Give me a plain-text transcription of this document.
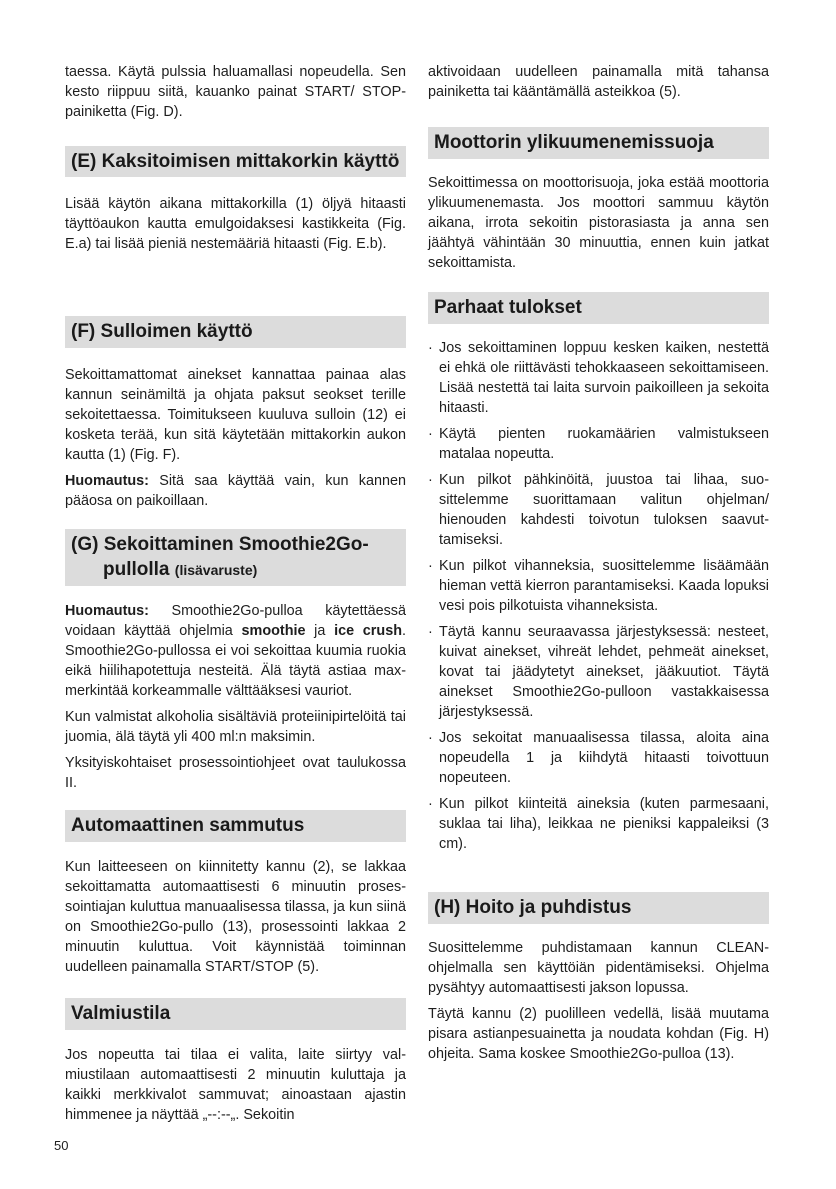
taessa. Käytä pulssia haluamallasi nopeudella. Sen kesto riippuu siitä, kauanko painat START/ STOP-painiketta (Fig. D).

(E) Kaksitoimisen mittakorkin käyttö

Lisää käytön aikana mittakorkilla (1) öljyä hitaasti täyttöaukon kautta emulgoidaksesi kastikkeita (Fig. E.a) tai lisää pieniä nestemääriä hitaasti (Fig. E.b).

(F) Sulloimen käyttö

Sekoittamattomat ainekset kannattaa painaa alas kannun seinämiltä ja ohjata paksut seokset terille sekoitettaessa. Toimitukseen kuuluva sulloin (12) ei kosketa terää, kun sitä käytetään mittakorkin aukon kautta (1) (Fig. F).

Huomautus: Sitä saa käyttää vain, kun kannen pääosa on paikoillaan.

(G) Sekoittaminen Smoothie2Go-pullolla (lisävaruste)

Huomautus: Smoothie2Go-pulloa käytettäessä voidaan käyttää ohjelmia smoothie ja ice crush. Smoothie2Go-pullossa ei voi sekoittaa kuumia ruokia eikä hiilihapotettuja nesteitä. Älä täytä astiaa max-merkintää korkeammalle välttääksesi vauriot.

Kun valmistat alkoholia sisältäviä proteiinipirtelöitä tai juomia, älä täytä yli 400 ml:n maksimin.

Yksityiskohtaiset prosessointiohjeet ovat taulukossa II.

Automaattinen sammutus

Kun laitteeseen on kiinnitetty kannu (2), se lakkaa sekoittamatta automaattisesti 6 minuutin prosessointiajan kuluttua manuaalisessa tilassa, ja kun siinä on Smoothie2Go-pullo (13), prosessointi lakkaa 2 minuutin kuluttua. Voit käynnistää toiminnan uudelleen painamalla START/STOP (5).

Valmiustila

Jos nopeutta tai tilaa ei valita, laite siirtyy valmiustilaan automaattisesti 2 minuutin kuluttaja ja kaikki merkkivalot sammuvat; ainoastaan ajastin himmenee ja näyttää „--:--„. Sekoitin

aktivoidaan uudelleen painamalla mitä tahansa painiketta tai kääntämällä asteikkoa (5).

Moottorin ylikuumenemissuoja

Sekoittimessa on moottorisuoja, joka estää moottoria ylikuumenemasta. Jos moottori sammuu käytön aikana, irrota sekoitin pistorasiasta ja anna sen jäähtyä vähintään 30 minuuttia, ennen kuin jatkat sekoittamista.

Parhaat tulokset
· Jos sekoittaminen loppuu kesken kaiken, nestettä ei ehkä ole riittävästi tehokkaaseen sekoittamiseen. Lisää nestettä tai laita survoin paikoilleen ja sekoita hitaasti.
· Käytä pienten ruokamäärien valmistukseen matalaa nopeutta.
· Kun pilkot pähkinöitä, juustoa tai lihaa, suosittelemme suorittamaan valitun ohjelman/ hienouden kahdesti toivotun tuloksen saavuttamiseksi.
· Kun pilkot vihanneksia, suosittelemme lisäämään hieman vettä kierron parantamiseksi. Kaada lopuksi vesi pois pilkotuista vihanneksista.
· Täytä kannu seuraavassa järjestyksessä: nesteet, kuivat ainekset, vihreät lehdet, pehmeät ainekset, kovat tai jäädytetyt ainekset, jääkuutiot. Täytä ainekset Smoothie2Go-pulloon vastakkaisessa järjestyksessä.
· Jos sekoitat manuaalisessa tilassa, aloita aina nopeudella 1 ja kiihdytä hitaasti toivottuun nopeuteen.
· Kun pilkot kiinteitä aineksia (kuten parmesaani, suklaa tai liha), leikkaa ne pieniksi kappaleiksi (3 cm).
(H) Hoito ja puhdistus

Suosittelemme puhdistamaan kannun CLEAN-ohjelmalla sen käyttöiän pidentämiseksi. Ohjelma pysähtyy automaattisesti jakson lopussa.

Täytä kannu (2) puolilleen vedellä, lisää muutama pisara astianpesuainetta ja noudata kohdan (Fig. H) ohjeita. Sama koskee Smoothie2Go-pulloa (13).

50
